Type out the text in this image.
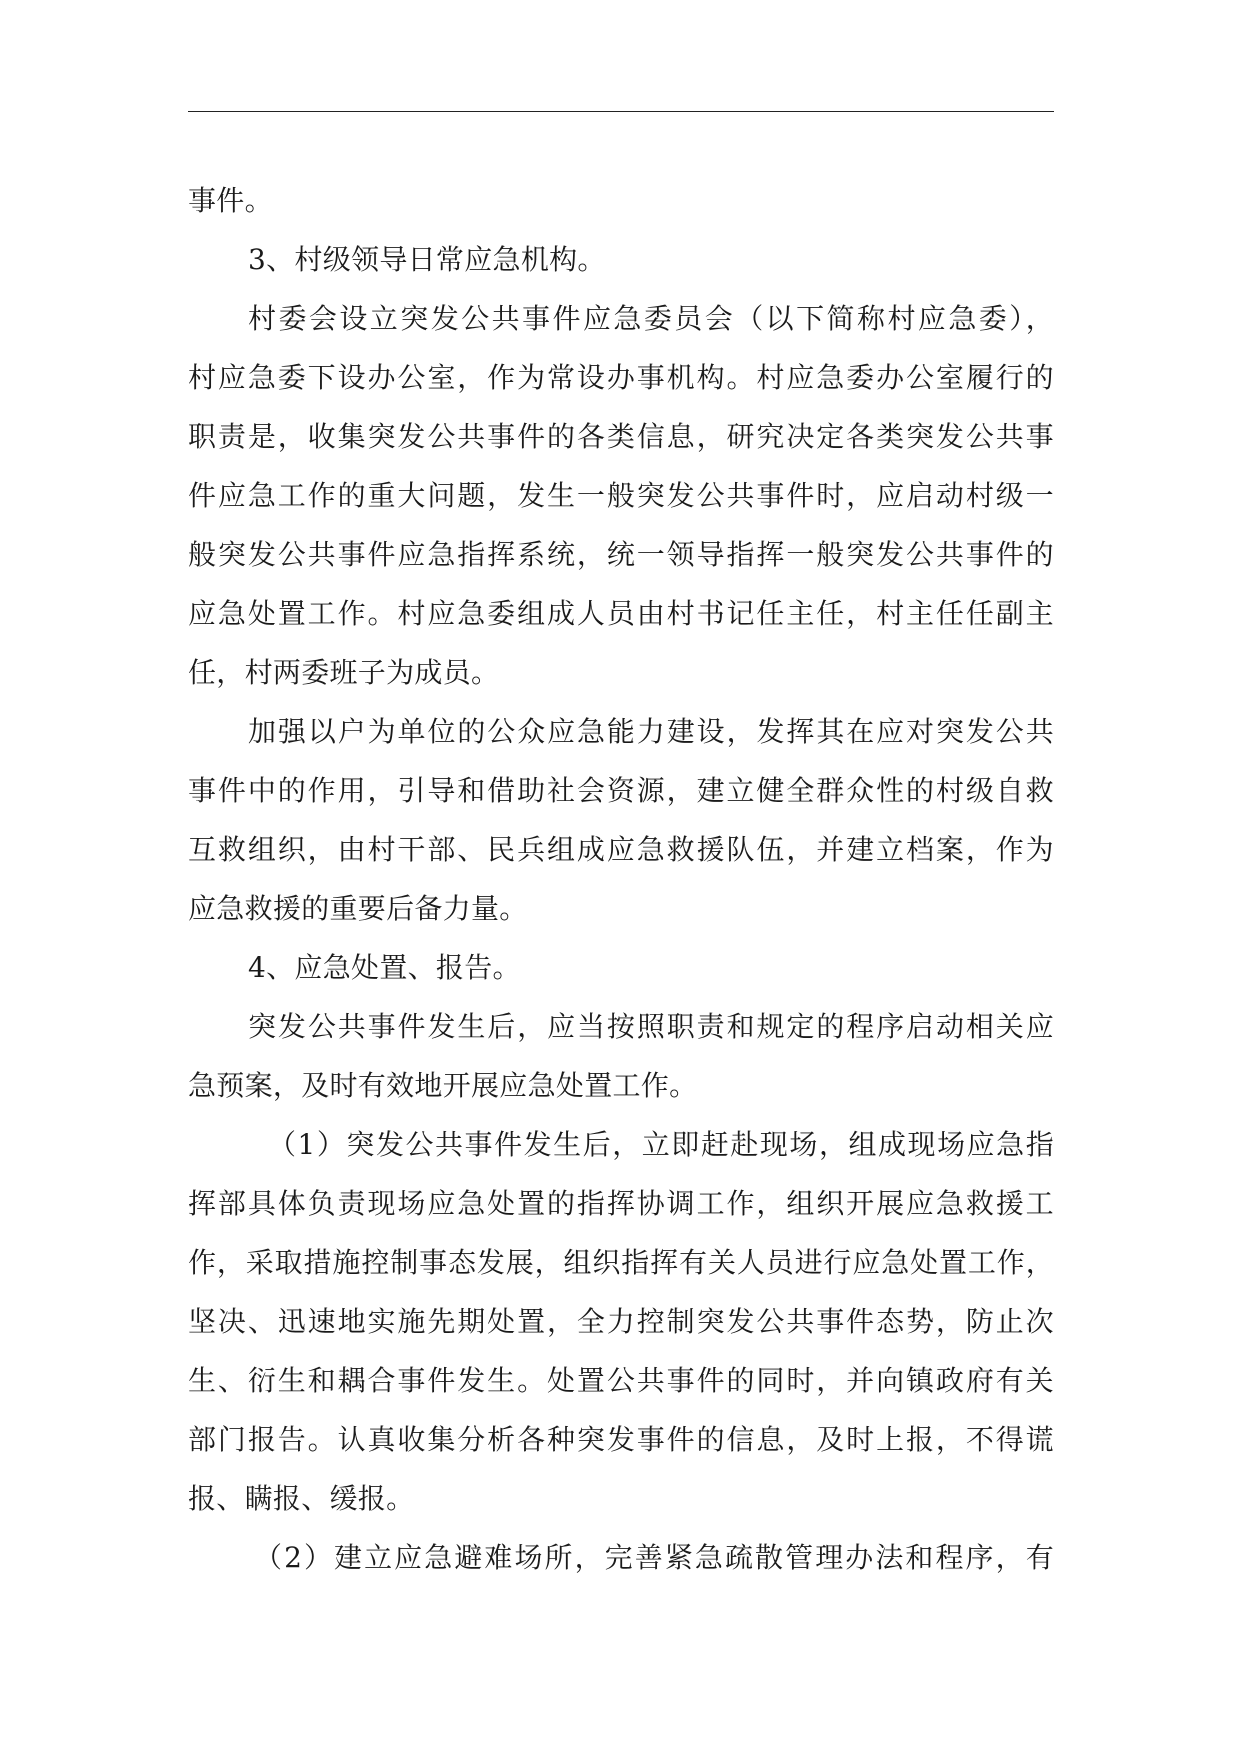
事件。
3、村级领导日常应急机构。
村委会设立突发公共事件应急委员会（以下简称村应急委），
村应急委下设办公室，作为常设办事机构。村应急委办公室履行的
职责是，收集突发公共事件的各类信息，研究决定各类突发公共事
件应急工作的重大问题，发生一般突发公共事件时，应启动村级一
般突发公共事件应急指挥系统，统一领导指挥一般突发公共事件的
应急处置工作。村应急委组成人员由村书记任主任，村主任任副主
任，村两委班子为成员。
加强以户为单位的公众应急能力建设，发挥其在应对突发公共
事件中的作用，引导和借助社会资源，建立健全群众性的村级自救
互救组织，由村干部、民兵组成应急救援队伍，并建立档案，作为
应急救援的重要后备力量。
4、应急处置、报告。
突发公共事件发生后，应当按照职责和规定的程序启动相关应
急预案，及时有效地开展应急处置工作。
（1）突发公共事件发生后，立即赶赴现场，组成现场应急指
挥部具体负责现场应急处置的指挥协调工作，组织开展应急救援工
作，采取措施控制事态发展，组织指挥有关人员进行应急处置工作，
坚决、迅速地实施先期处置，全力控制突发公共事件态势，防止次
生、衍生和耦合事件发生。处置公共事件的同时，并向镇政府有关
部门报告。认真收集分析各种突发事件的信息，及时上报，不得谎
报、瞒报、缓报。
（2）建立应急避难场所，完善紧急疏散管理办法和程序，有
